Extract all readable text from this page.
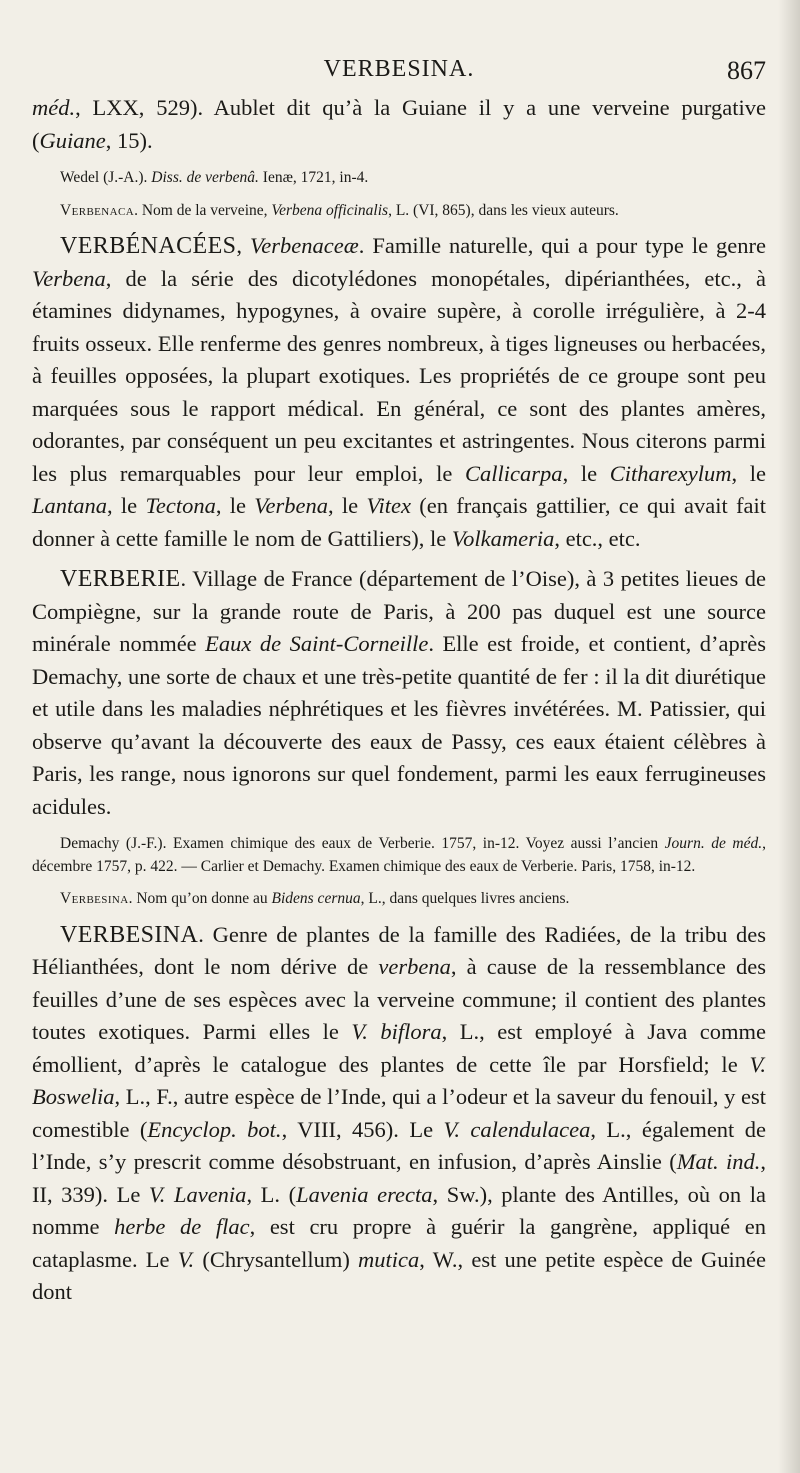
VERBESINA.	867

méd., LXX, 529). Aublet dit qu’à la Guiane il y a une verveine purgative (Guiane, 15).

Wedel (J.-A.). Diss. de verbenâ. Ienæ, 1721, in-4.

Verbenaca. Nom de la verveine, Verbena officinalis, L. (VI, 865), dans les vieux auteurs.

VERBÉNACÉES, Verbenaceæ. Famille naturelle, qui a pour type le genre Verbena, de la série des dicotylédones monopétales, dipérianthées, etc., à étamines didynames, hypogynes, à ovaire supère, à corolle irrégulière, à 2-4 fruits osseux. Elle renferme des genres nombreux, à tiges ligneuses ou herbacées, à feuilles opposées, la plupart exotiques. Les propriétés de ce groupe sont peu marquées sous le rapport médical. En général, ce sont des plantes amères, odorantes, par conséquent un peu excitantes et astringentes. Nous citerons parmi les plus remarquables pour leur emploi, le Callicarpa, le Citharexylum, le Lantana, le Tectona, le Verbena, le Vitex (en français gattilier, ce qui avait fait donner à cette famille le nom de Gattiliers), le Volkameria, etc., etc.

VERBERIE. Village de France (département de l’Oise), à 3 petites lieues de Compiègne, sur la grande route de Paris, à 200 pas duquel est une source minérale nommée Eaux de Saint-Corneille. Elle est froide, et contient, d’après Demachy, une sorte de chaux et une très-petite quantité de fer : il la dit diurétique et utile dans les maladies néphrétiques et les fièvres invétérées. M. Patissier, qui observe qu’avant la découverte des eaux de Passy, ces eaux étaient célèbres à Paris, les range, nous ignorons sur quel fondement, parmi les eaux ferrugineuses acidules.

Demachy (J.-F.). Examen chimique des eaux de Verberie. 1757, in-12. Voyez aussi l’ancien Journ. de méd., décembre 1757, p. 422. — Carlier et Demachy. Examen chimique des eaux de Verberie. Paris, 1758, in-12.

Verbesina. Nom qu’on donne au Bidens cernua, L., dans quelques livres anciens.

VERBESINA. Genre de plantes de la famille des Radiées, de la tribu des Hélianthées, dont le nom dérive de verbena, à cause de la ressemblance des feuilles d’une de ses espèces avec la verveine commune; il contient des plantes toutes exotiques. Parmi elles le V. biflora, L., est employé à Java comme émollient, d’après le catalogue des plantes de cette île par Horsfield; le V. Boswelia, L., F., autre espèce de l’Inde, qui a l’odeur et la saveur du fenouil, y est comestible (Encyclop. bot., VIII, 456). Le V. calendulacea, L., également de l’Inde, s’y prescrit comme désobstruant, en infusion, d’après Ainslie (Mat. ind., II, 339). Le V. Lavenia, L. (Lavenia erecta, Sw.), plante des Antilles, où on la nomme herbe de flac, est cru propre à guérir la gangrène, appliqué en cataplasme. Le V. (Chrysantellum) mutica, W., est une petite espèce de Guinée dont
